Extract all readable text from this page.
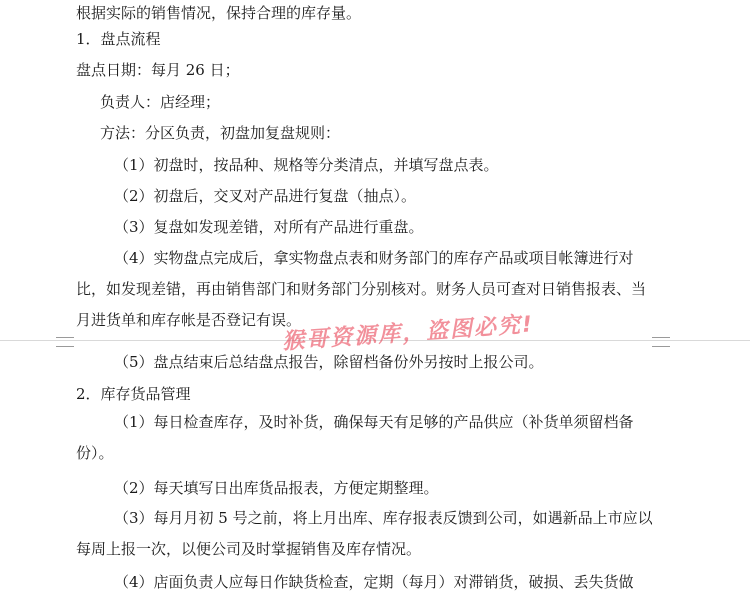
根据实际的销售情况，保持合理的库存量。
1．盘点流程
盘点日期：每月 26 日；
负责人：店经理；
方法：分区负责，初盘加复盘规则：
（1）初盘时，按品种、规格等分类清点，并填写盘点表。
（2）初盘后，交叉对产品进行复盘（抽点）。
（3）复盘如发现差错，对所有产品进行重盘。
（4）实物盘点完成后，拿实物盘点表和财务部门的库存产品或项目帐簿进行对比，如发现差错，再由销售部门和财务部门分别核对。财务人员可查对日销售报表、当月进货单和库存帐是否登记有误。
（5）盘点结束后总结盘点报告，除留档备份外另按时上报公司。
2．库存货品管理
（1）每日检查库存，及时补货，确保每天有足够的产品供应（补货单须留档备份）。
（2）每天填写日出库货品报表，方便定期整理。
（3）每月月初 5 号之前，将上月出库、库存报表反馈到公司，如遇新品上市应以每周上报一次，以便公司及时掌握销售及库存情况。
（4）店面负责人应每日作缺货检查，定期（每月）对滞销货，破损、丢失货做
猴哥资源库，盗图必究!
